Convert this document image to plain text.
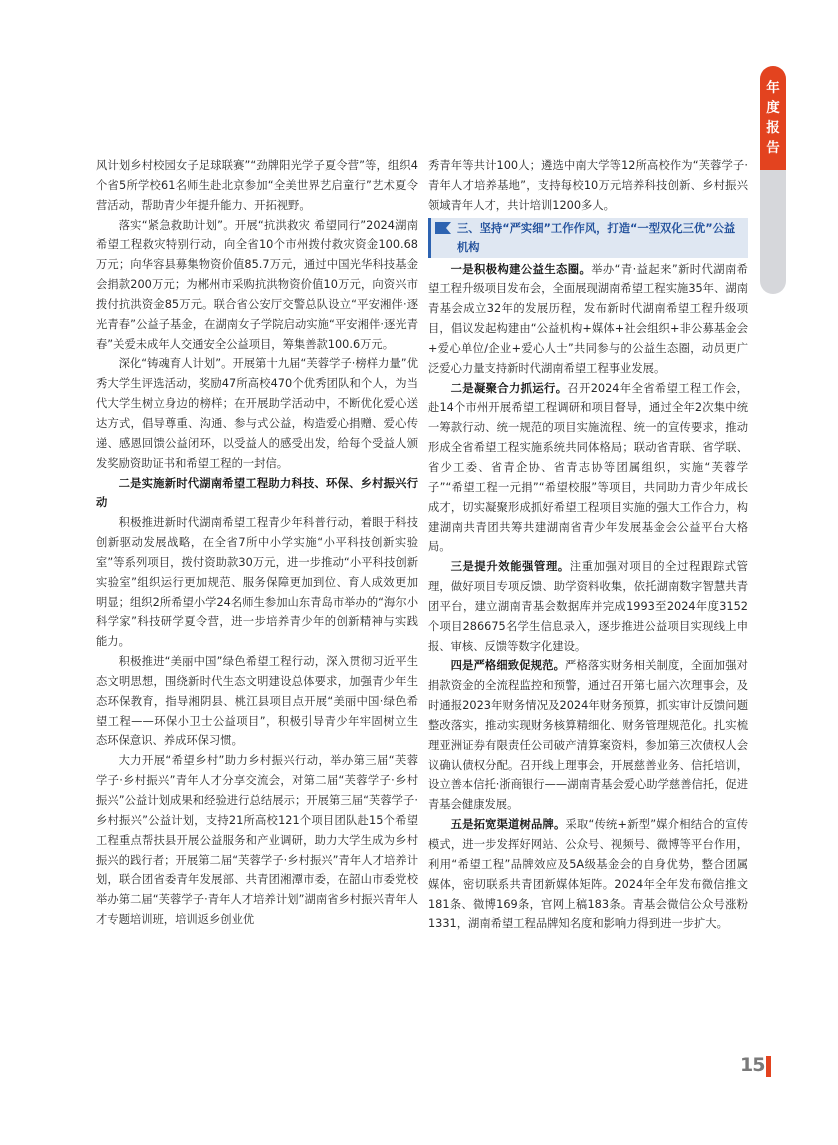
年
度
报
告

风计划乡村校园女子足球联赛”“劲牌阳光学子夏令营”等，组织4个省5所学校61名师生赴北京参加“全美世界艺启童行”艺术夏令营活动，帮助青少年提升能力、开拓视野。

落实“紧急救助计划”。开展“抗洪救灾 希望同行”2024湖南希望工程救灾特别行动，向全省10个市州拨付救灾资金100.68万元；向华容县募集物资价值85.7万元，通过中国光华科技基金会捐款200万元；为郴州市采购抗洪物资价值10万元，向资兴市拨付抗洪资金85万元。联合省公安厅交警总队设立“平安湘伴·逐光青春”公益子基金，在湖南女子学院启动实施“平安湘伴·逐光青春”关爱未成年人交通安全公益项目，筹集善款100.6万元。

深化“铸魂育人计划”。开展第十九届“芙蓉学子·榜样力量”优秀大学生评选活动，奖励47所高校470个优秀团队和个人，为当代大学生树立身边的榜样；在开展助学活动中，不断优化爱心送达方式，倡导尊重、沟通、参与式公益，构造爱心捐赠、爱心传递、感恩回馈公益闭环，以受益人的感受出发，给每个受益人颁发奖励资助证书和希望工程的一封信。

二是实施新时代湖南希望工程助力科技、环保、乡村振兴行动

积极推进新时代湖南希望工程青少年科普行动，着眼于科技创新驱动发展战略，在全省7所中小学实施“小平科技创新实验室”等系列项目，拨付资助款30万元，进一步推动“小平科技创新实验室”组织运行更加规范、服务保障更加到位、育人成效更加明显；组织2所希望小学24名师生参加山东青岛市举办的“海尔小科学家”科技研学夏令营，进一步培养青少年的创新精神与实践能力。

积极推进“美丽中国”绿色希望工程行动，深入贯彻习近平生态文明思想，围绕新时代生态文明建设总体要求，加强青少年生态环保教育，指导湘阴县、桃江县项目点开展“美丽中国·绿色希望工程——环保小卫士公益项目”，积极引导青少年牢固树立生态环保意识、养成环保习惯。

大力开展“希望乡村”助力乡村振兴行动，举办第三届“芙蓉学子·乡村振兴”青年人才分享交流会，对第二届“芙蓉学子·乡村振兴”公益计划成果和经验进行总结展示；开展第三届“芙蓉学子·乡村振兴”公益计划，支持21所高校121个项目团队赴15个希望工程重点帮扶县开展公益服务和产业调研，助力大学生成为乡村振兴的践行者；开展第二届“芙蓉学子·乡村振兴”青年人才培养计划，联合团省委青年发展部、共青团湘潭市委，在韶山市委党校举办第二届“芙蓉学子·青年人才培养计划”湖南省乡村振兴青年人才专题培训班，培训返乡创业优

秀青年等共计100人；遴选中南大学等12所高校作为“芙蓉学子·青年人才培养基地”，支持每校10万元培养科技创新、乡村振兴领域青年人才，共计培训1200多人。

三、坚持“严实细”工作作风，打造“一型双化三优”公益机构

一是积极构建公益生态圈。举办“青·益起来”新时代湖南希望工程升级项目发布会，全面展现湖南希望工程实施35年、湖南青基会成立32年的发展历程，发布新时代湖南希望工程升级项目，倡议发起构建由“公益机构+媒体+社会组织+非公募基金会+爱心单位/企业+爱心人士”共同参与的公益生态圈，动员更广泛爱心力量支持新时代湖南希望工程事业发展。

二是凝聚合力抓运行。召开2024年全省希望工程工作会，赴14个市州开展希望工程调研和项目督导，通过全年2次集中统一筹款行动、统一规范的项目实施流程、统一的宣传要求，推动形成全省希望工程实施系统共同体格局；联动省青联、省学联、省少工委、省青企协、省青志协等团属组织，实施“芙蓉学子”“希望工程一元捐”“希望校服”等项目，共同助力青少年成长成才，切实凝聚形成抓好希望工程项目实施的强大工作合力，构建湖南共青团共筹共建湖南省青少年发展基金会公益平台大格局。

三是提升效能强管理。注重加强对项目的全过程跟踪式管理，做好项目专项反馈、助学资料收集，依托湖南数字智慧共青团平台，建立湖南青基会数据库并完成1993至2024年度3152个项目286675名学生信息录入，逐步推进公益项目实现线上申报、审核、反馈等数字化建设。

四是严格细致促规范。严格落实财务相关制度，全面加强对捐款资金的全流程监控和预警，通过召开第七届六次理事会，及时通报2023年财务情况及2024年财务预算，抓实审计反馈问题整改落实，推动实现财务核算精细化、财务管理规范化。扎实梳理亚洲证券有限责任公司破产清算案资料，参加第三次债权人会议确认债权分配。召开线上理事会，开展慈善业务、信托培训，设立善本信托·浙商银行——湖南青基会爱心助学慈善信托，促进青基会健康发展。

五是拓宽渠道树品牌。采取“传统+新型”媒介相结合的宣传模式，进一步发挥好网站、公众号、视频号、微博等平台作用，利用“希望工程”品牌效应及5A级基金会的自身优势，整合团属媒体，密切联系共青团新媒体矩阵。2024年全年发布微信推文181条、微博169条，官网上稿183条。青基会微信公众号涨粉1331，湖南希望工程品牌知名度和影响力得到进一步扩大。

15
